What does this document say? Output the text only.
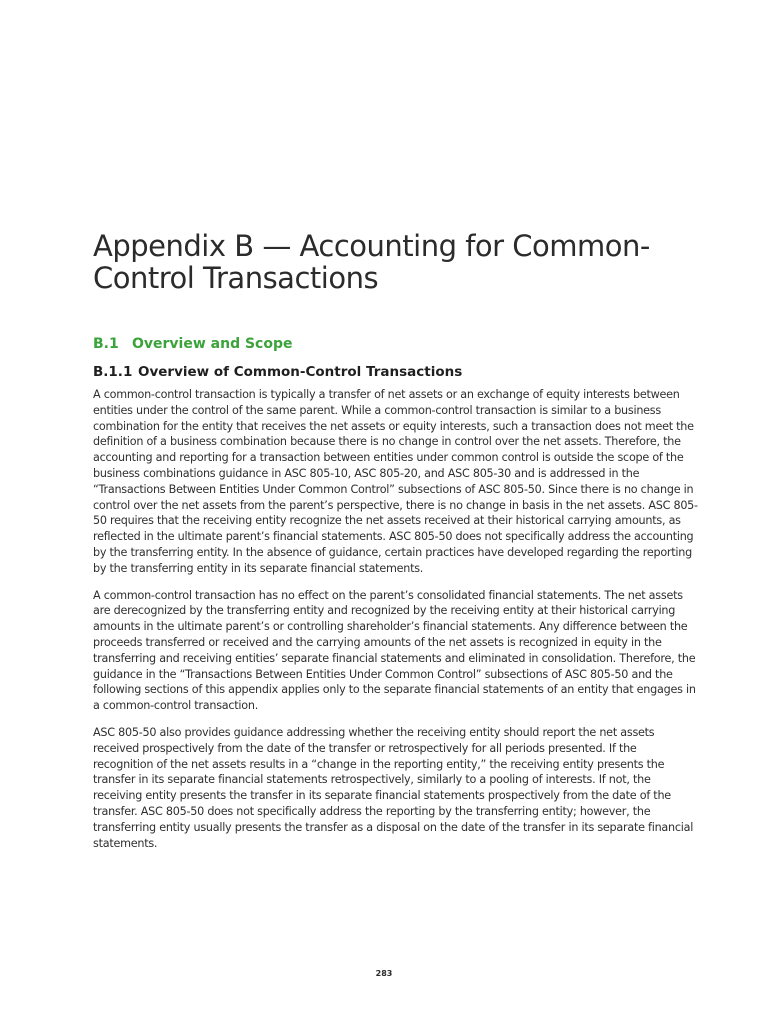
Appendix B — Accounting for Common-Control Transactions
B.1 Overview and Scope
B.1.1 Overview of Common-Control Transactions

A common-control transaction is typically a transfer of net assets or an exchange of equity interests between entities under the control of the same parent. While a common-control transaction is similar to a business combination for the entity that receives the net assets or equity interests, such a transaction does not meet the definition of a business combination because there is no change in control over the net assets. Therefore, the accounting and reporting for a transaction between entities under common control is outside the scope of the business combinations guidance in ASC 805-10, ASC 805-20, and ASC 805-30 and is addressed in the “Transactions Between Entities Under Common Control” subsections of ASC 805-50. Since there is no change in control over the net assets from the parent’s perspective, there is no change in basis in the net assets. ASC 805-50 requires that the receiving entity recognize the net assets received at their historical carrying amounts, as reflected in the ultimate parent’s financial statements. ASC 805-50 does not specifically address the accounting by the transferring entity. In the absence of guidance, certain practices have developed regarding the reporting by the transferring entity in its separate financial statements.

A common-control transaction has no effect on the parent’s consolidated financial statements. The net assets are derecognized by the transferring entity and recognized by the receiving entity at their historical carrying amounts in the ultimate parent’s or controlling shareholder’s financial statements. Any difference between the proceeds transferred or received and the carrying amounts of the net assets is recognized in equity in the transferring and receiving entities’ separate financial statements and eliminated in consolidation. Therefore, the guidance in the “Transactions Between Entities Under Common Control” subsections of ASC 805-50 and the following sections of this appendix applies only to the separate financial statements of an entity that engages in a common-control transaction.

ASC 805-50 also provides guidance addressing whether the receiving entity should report the net assets received prospectively from the date of the transfer or retrospectively for all periods presented. If the recognition of the net assets results in a “change in the reporting entity,” the receiving entity presents the transfer in its separate financial statements retrospectively, similarly to a pooling of interests. If not, the receiving entity presents the transfer in its separate financial statements prospectively from the date of the transfer. ASC 805-50 does not specifically address the reporting by the transferring entity; however, the transferring entity usually presents the transfer as a disposal on the date of the transfer in its separate financial statements.

283
